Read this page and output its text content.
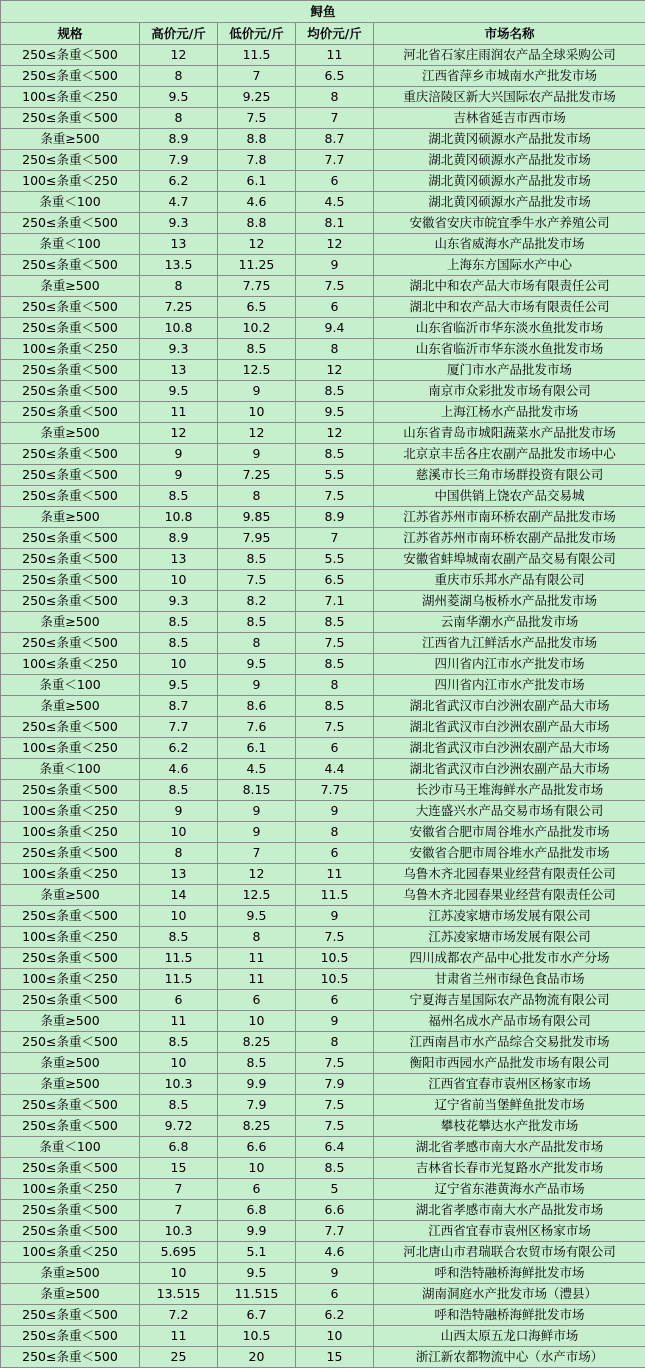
鲟鱼				
规格	高价元/斤	低价元/斤	均价元/斤	市场名称
250≤条重＜500	12	11.5	11	河北省石家庄雨润农产品全球采购公司
250≤条重＜500	8	7	6.5	江西省萍乡市城南水产批发市场
100≤条重＜250	9.5	9.25	8	重庆涪陵区新大兴国际农产品批发市场
250≤条重＜500	8	7.5	7	吉林省延吉市西市场
条重≥500	8.9	8.8	8.7	湖北黄冈硕源水产品批发市场
250≤条重＜500	7.9	7.8	7.7	湖北黄冈硕源水产品批发市场
100≤条重＜250	6.2	6.1	6	湖北黄冈硕源水产品批发市场
条重＜100	4.7	4.6	4.5	湖北黄冈硕源水产品批发市场
250≤条重＜500	9.3	8.8	8.1	安徽省安庆市皖宜季牛水产养殖公司
条重＜100	13	12	12	山东省威海水产品批发市场
250≤条重＜500	13.5	11.25	9	上海东方国际水产中心
条重≥500	8	7.75	7.5	湖北中和农产品大市场有限责任公司
250≤条重＜500	7.25	6.5	6	湖北中和农产品大市场有限责任公司
250≤条重＜500	10.8	10.2	9.4	山东省临沂市华东淡水鱼批发市场
100≤条重＜250	9.3	8.5	8	山东省临沂市华东淡水鱼批发市场
250≤条重＜500	13	12.5	12	厦门市水产品批发市场
250≤条重＜500	9.5	9	8.5	南京市众彩批发市场有限公司
250≤条重＜500	11	10	9.5	上海江杨水产品批发市场
条重≥500	12	12	12	山东省青岛市城阳蔬菜水产品批发市场
250≤条重＜500	9	9	8.5	北京京丰岳各庄农副产品批发市场中心
250≤条重＜500	9	7.25	5.5	慈溪市长三角市场群投资有限公司
250≤条重＜500	8.5	8	7.5	中国供销上饶农产品交易城
条重≥500	10.8	9.85	8.9	江苏省苏州市南环桥农副产品批发市场
250≤条重＜500	8.9	7.95	7	江苏省苏州市南环桥农副产品批发市场
250≤条重＜500	13	8.5	5.5	安徽省蚌埠城南农副产品交易有限公司
250≤条重＜500	10	7.5	6.5	重庆市乐邦水产品有限公司
250≤条重＜500	9.3	8.2	7.1	湖州菱湖乌板桥水产品批发市场
条重≥500	8.5	8.5	8.5	云南华潮水产品批发市场
250≤条重＜500	8.5	8	7.5	江西省九江鲜活水产品批发市场
100≤条重＜250	10	9.5	8.5	四川省内江市水产批发市场
条重＜100	9.5	9	8	四川省内江市水产批发市场
条重≥500	8.7	8.6	8.5	湖北省武汉市白沙洲农副产品大市场
250≤条重＜500	7.7	7.6	7.5	湖北省武汉市白沙洲农副产品大市场
100≤条重＜250	6.2	6.1	6	湖北省武汉市白沙洲农副产品大市场
条重＜100	4.6	4.5	4.4	湖北省武汉市白沙洲农副产品大市场
250≤条重＜500	8.5	8.15	7.75	长沙市马王堆海鲜水产品批发市场
100≤条重＜250	9	9	9	大连盛兴水产品交易市场有限公司
100≤条重＜250	10	9	8	安徽省合肥市周谷堆水产品批发市场
250≤条重＜500	8	7	6	安徽省合肥市周谷堆水产品批发市场
100≤条重＜250	13	12	11	乌鲁木齐北园春果业经营有限责任公司
条重≥500	14	12.5	11.5	乌鲁木齐北园春果业经营有限责任公司
250≤条重＜500	10	9.5	9	江苏凌家塘市场发展有限公司
100≤条重＜250	8.5	8	7.5	江苏凌家塘市场发展有限公司
250≤条重＜500	11.5	11	10.5	四川成都农产品中心批发市水产分场
100≤条重＜250	11.5	11	10.5	甘肃省兰州市绿色食品市场
250≤条重＜500	6	6	6	宁夏海吉星国际农产品物流有限公司
条重≥500	11	10	9	福州名成水产品市场有限公司
250≤条重＜500	8.5	8.25	8	江西南昌市水产品综合交易批发市场
条重≥500	10	8.5	7.5	衡阳市西园水产品批发市场有限公司
条重≥500	10.3	9.9	7.9	江西省宜春市袁州区杨家市场
250≤条重＜500	8.5	7.9	7.5	辽宁省前当堡鲜鱼批发市场
250≤条重＜500	9.72	8.25	7.5	攀枝花攀达水产批发市场
条重＜100	6.8	6.6	6.4	湖北省孝感市南大水产品批发市场
250≤条重＜500	15	10	8.5	吉林省长春市光复路水产批发市场
100≤条重＜250	7	6	5	辽宁省东港黄海水产品市场
250≤条重＜500	7	6.8	6.6	湖北省孝感市南大水产品批发市场
250≤条重＜500	10.3	9.9	7.7	江西省宜春市袁州区杨家市场
100≤条重＜250	5.695	5.1	4.6	河北唐山市君瑞联合农贸市场有限公司
条重≥500	10	9.5	9	呼和浩特融桥海鲜批发市场
条重≥500	13.515	11.515	6	湖南洞庭水产批发市场（澧县）
250≤条重＜500	7.2	6.7	6.2	呼和浩特融桥海鲜批发市场
250≤条重＜500	11	10.5	10	山西太原五龙口海鲜市场
250≤条重＜500	25	20	15	浙江新农都物流中心（水产市场）
